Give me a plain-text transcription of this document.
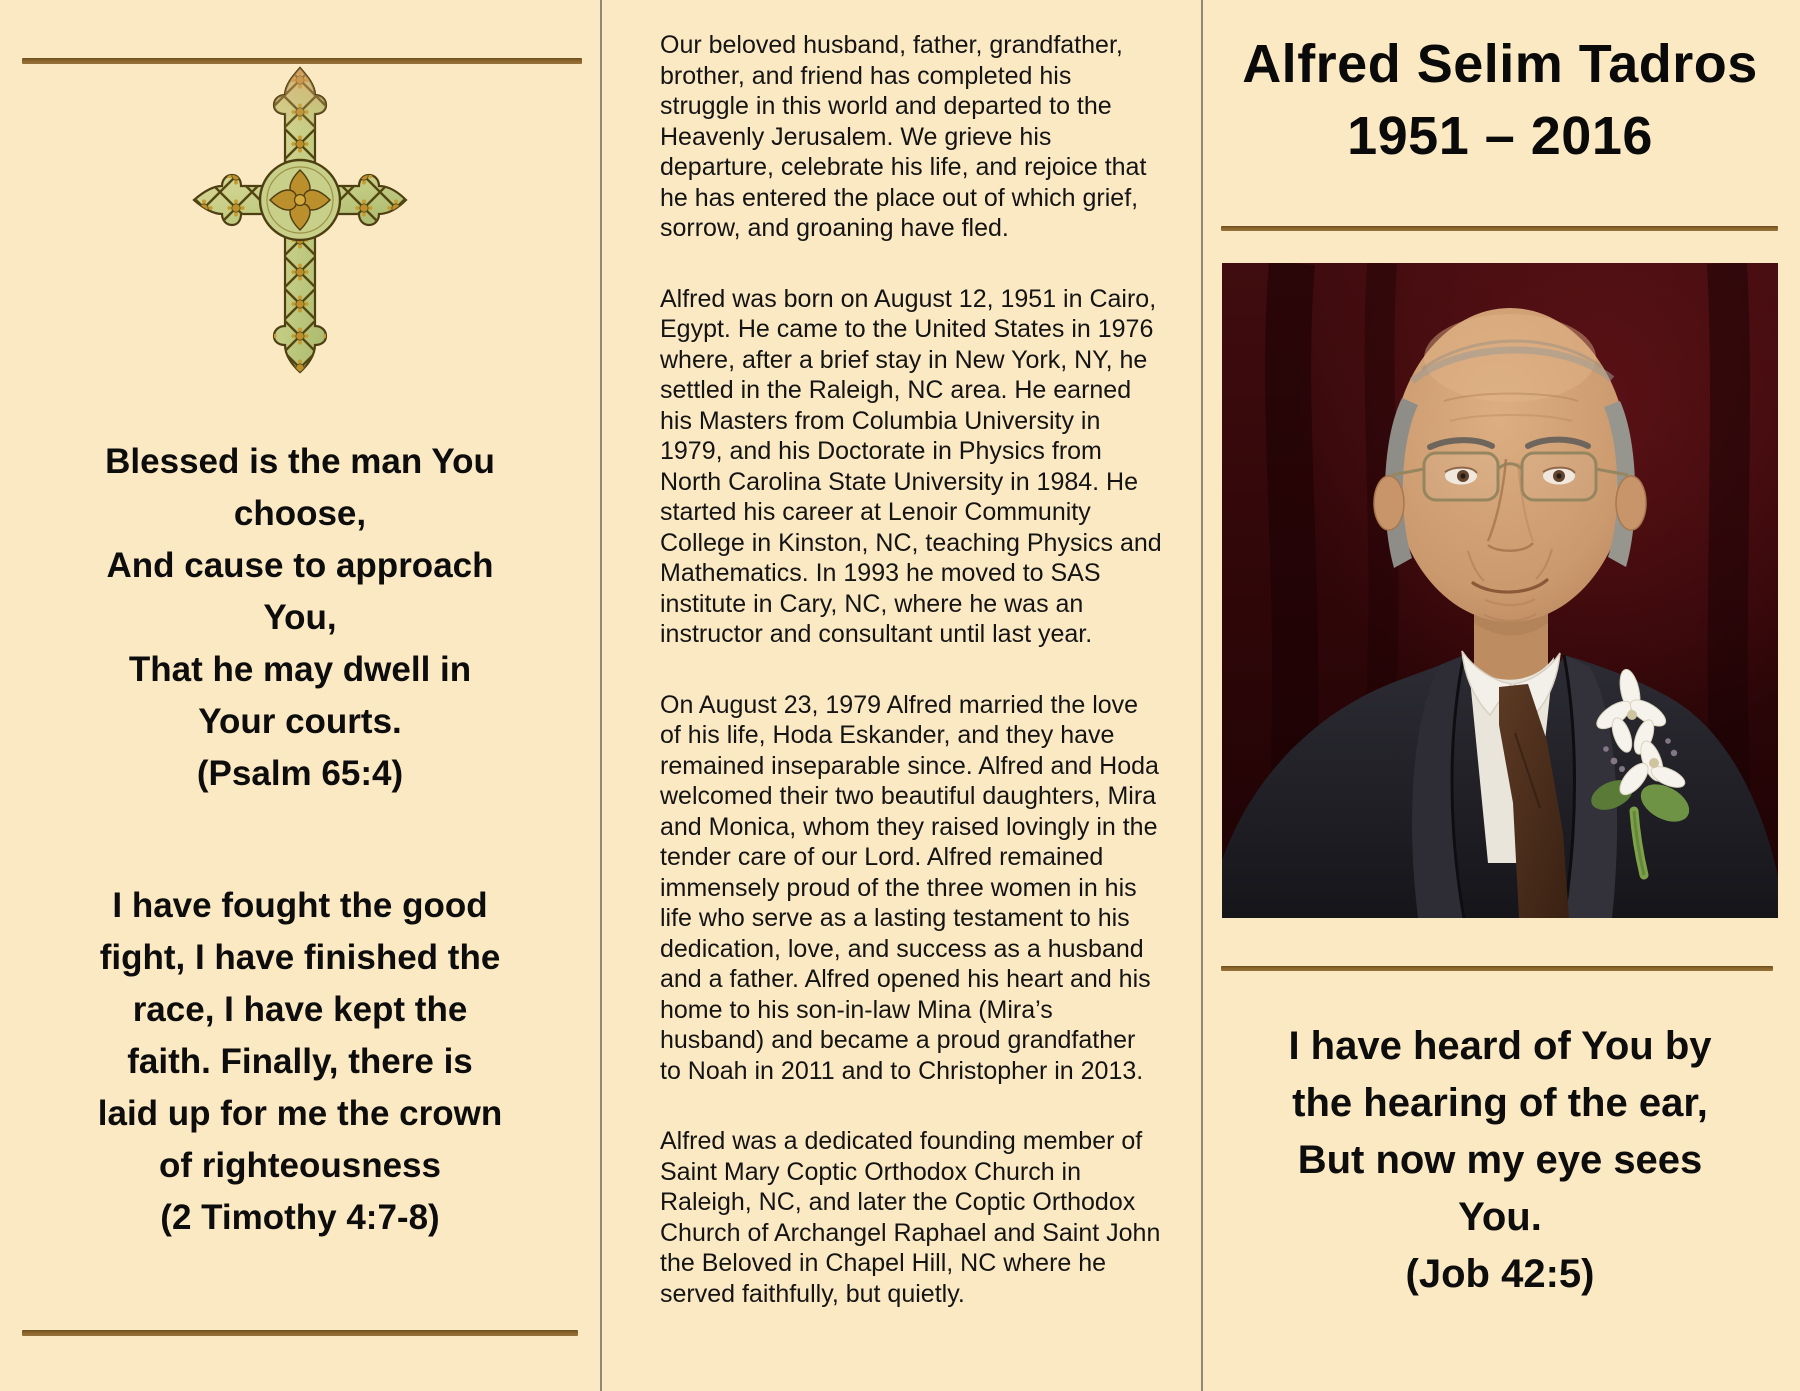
Blessed is the man You
choose,
And cause to approach
You,
That he may dwell in
Your courts.
(Psalm 65:4)
I have fought the good
fight, I have finished the
race, I have kept the
faith. Finally, there is
laid up for me the crown
of righteousness
(2 Timothy 4:7-8)

Our beloved husband, father, grandfather, brother, and friend has completed his struggle in this world and departed to the Heavenly Jerusalem. We grieve his departure, celebrate his life, and rejoice that he has entered the place out of which grief, sorrow, and groaning have fled.

Alfred was born on August 12, 1951 in Cairo, Egypt. He came to the United States in 1976 where, after a brief stay in New York, NY, he settled in the Raleigh, NC area. He earned his Masters from Columbia University in 1979, and his Doctorate in Physics from North Carolina State University in 1984. He started his career at Lenoir Community College in Kinston, NC, teaching Physics and Mathematics. In 1993 he moved to SAS institute in Cary, NC, where he was an instructor and consultant until last year.

On August 23, 1979 Alfred married the love of his life, Hoda Eskander, and they have remained inseparable since. Alfred and Hoda welcomed their two beautiful daughters, Mira and Monica, whom they raised lovingly in the tender care of our Lord. Alfred remained immensely proud of the three women in his life who serve as a lasting testament to his dedication, love, and success as a husband and a father. Alfred opened his heart and his home to his son-in-law Mina (Mira’s husband) and became a proud grandfather to Noah in 2011 and to Christopher in 2013.

Alfred was a dedicated founding member of Saint Mary Coptic Orthodox Church in Raleigh, NC, and later the Coptic Orthodox Church of Archangel Raphael and Saint John the Beloved in Chapel Hill, NC where he served faithfully, but quietly.

Alfred Selim Tadros
1951 – 2016
I have heard of You by
the hearing of the ear,
But now my eye sees
You.
(Job 42:5)
